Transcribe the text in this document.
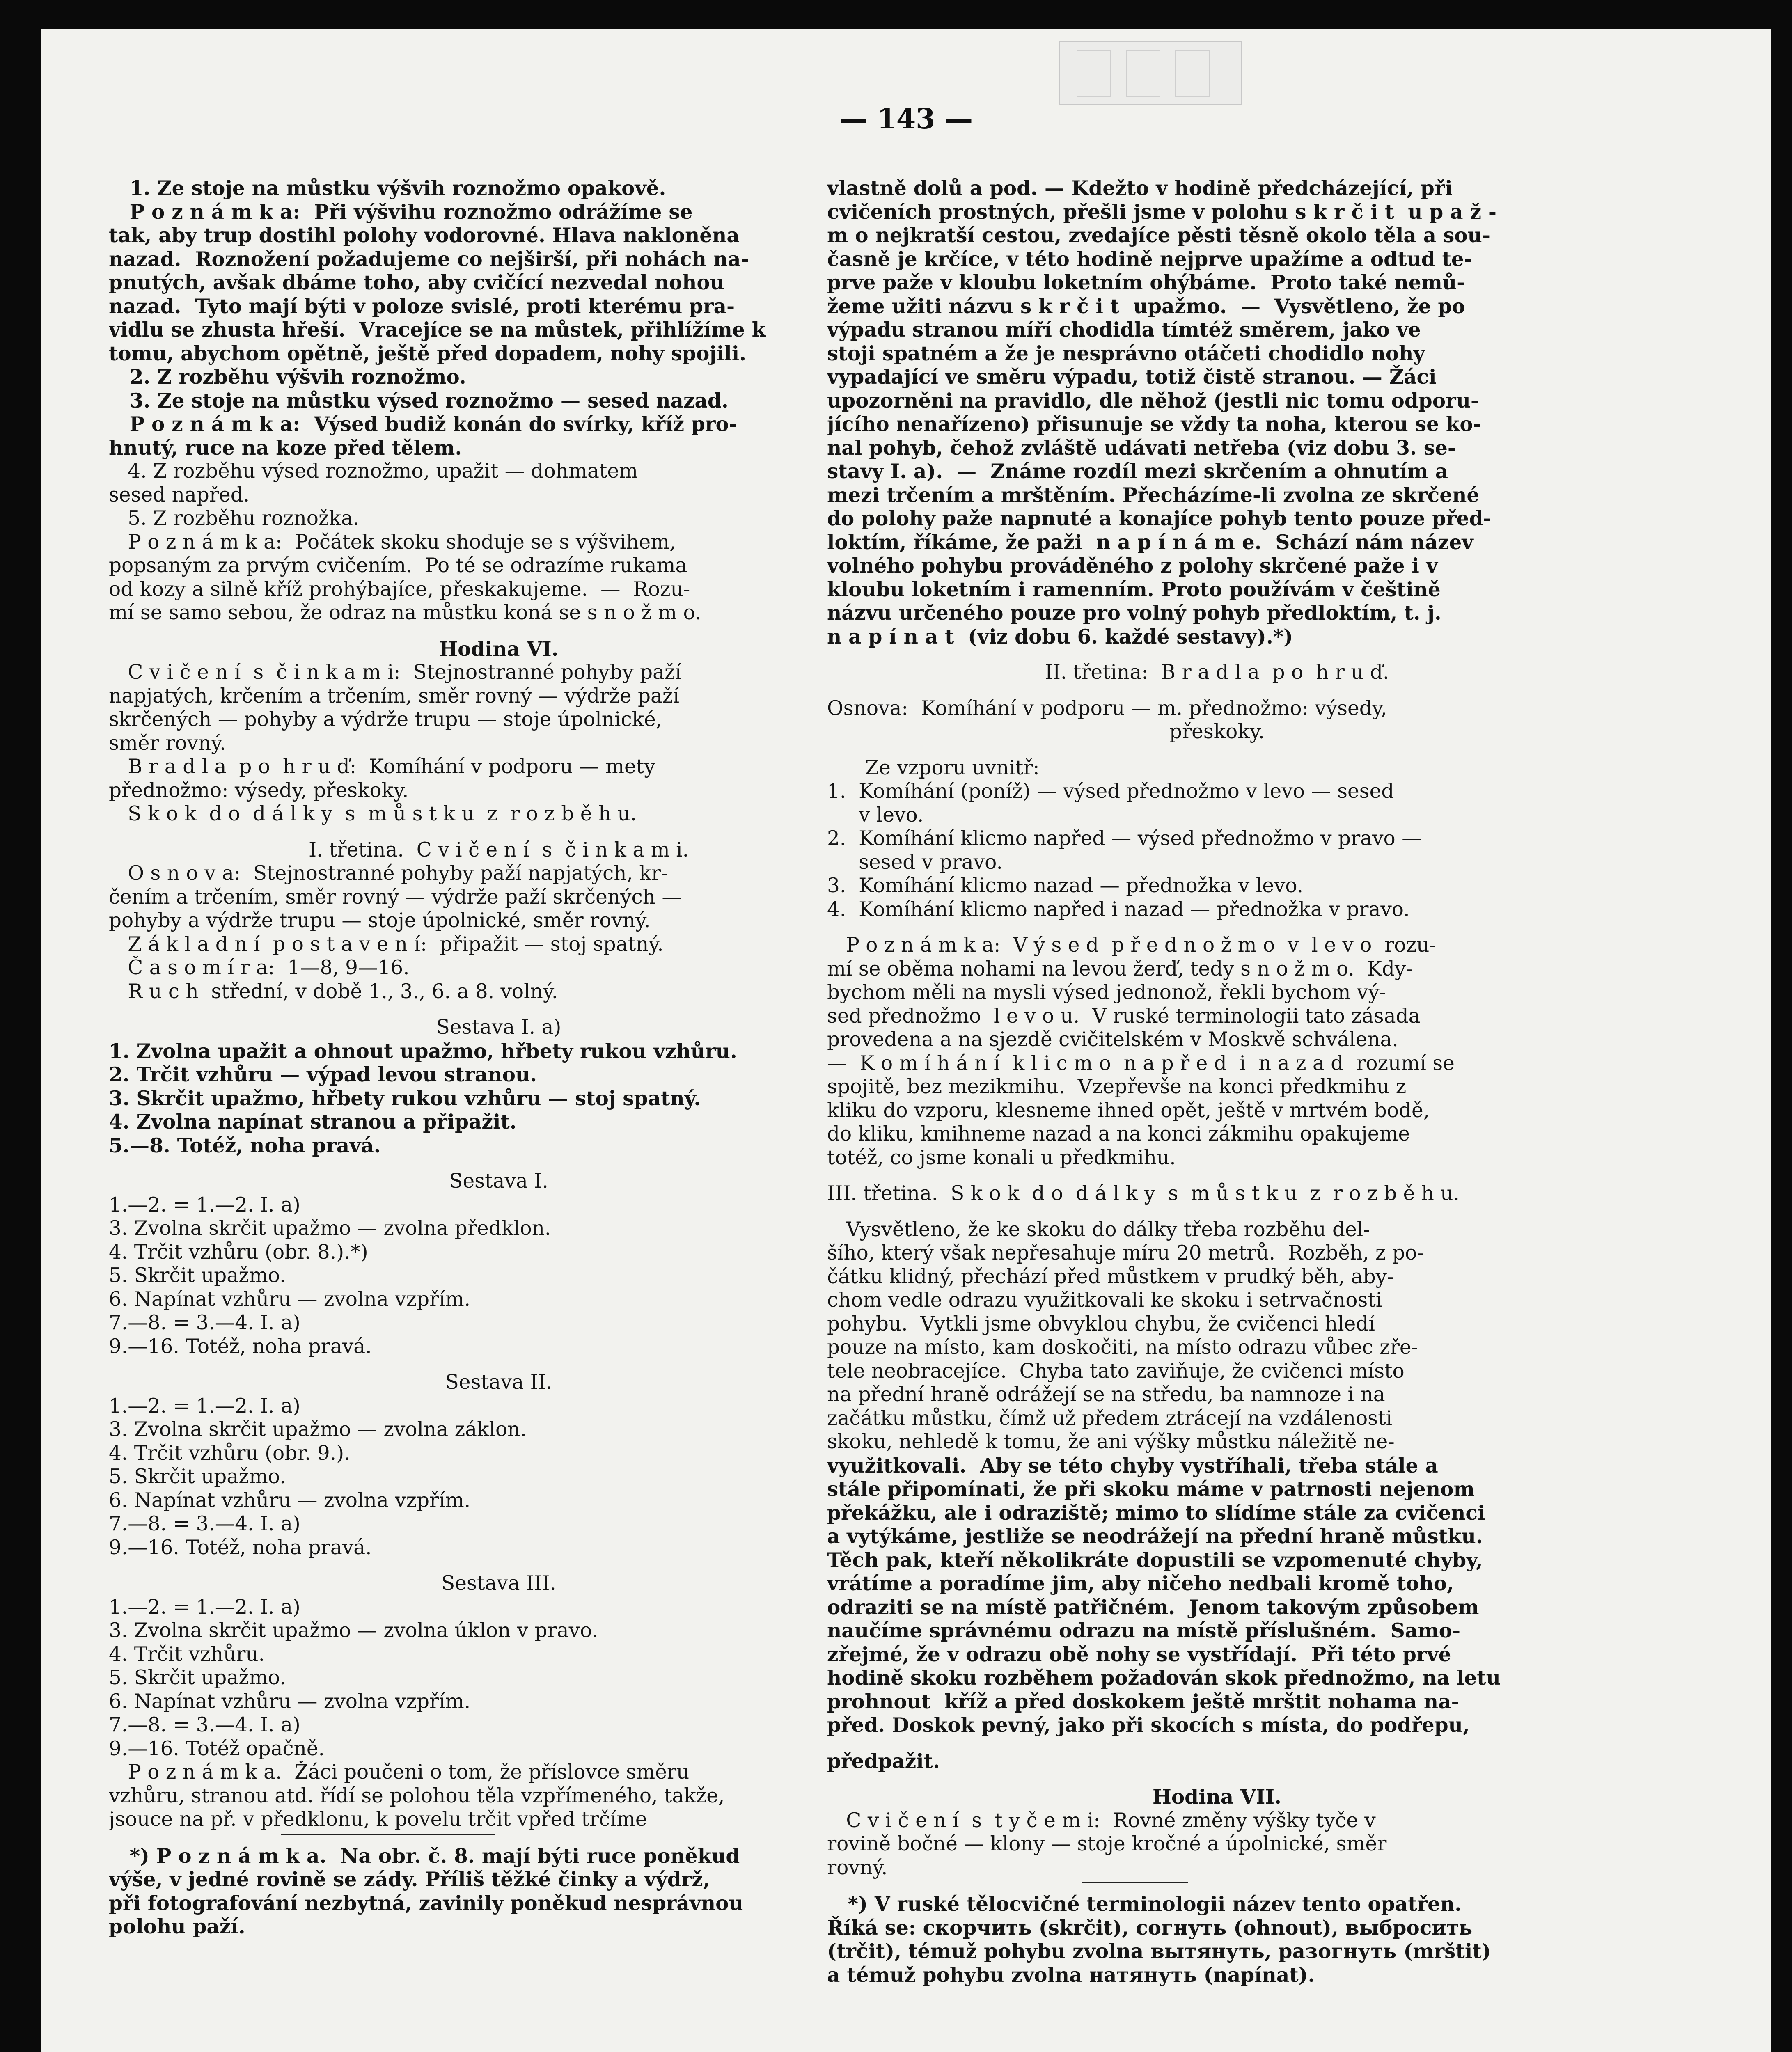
— 143 —
1. Ze stoje na můstku výšvih roznožmo opakově.
P o z n á m k a:  Při výšvihu roznožmo odrážíme se
tak, aby trup dostihl polohy vodorovné. Hlava nakloněna
nazad.  Roznožení požadujeme co nejširší, při nohách na-
pnutých, avšak dbáme toho, aby cvičící nezvedal nohou
nazad.  Tyto mají býti v poloze svislé, proti kterému pra-
vidlu se zhusta hřeší.  Vracejíce se na můstek, přihlížíme k
tomu, abychom opětně, ještě před dopadem, nohy spojili.
2. Z rozběhu výšvih roznožmo.
3. Ze stoje na můstku výsed roznožmo — sesed nazad.
P o z n á m k a:  Výsed budiž konán do svírky, kříž pro-
hnutý, ruce na koze před tělem.
4. Z rozběhu výsed roznožmo, upažit — dohmatem
sesed napřed.
5. Z rozběhu roznožka.
P o z n á m k a:  Počátek skoku shoduje se s výšvihem,
popsaným za prvým cvičením.  Po té se odrazíme rukama
od kozy a silně kříž prohýbajíce, přeskakujeme.  —  Rozu-
mí se samo sebou, že odraz na můstku koná se s n o ž m o.
Hodina VI.
C v i č e n í  s  č i n k a m i:  Stejnostranné pohyby paží
napjatých, krčením a trčením, směr rovný — výdrže paží
skrčených — pohyby a výdrže trupu — stoje úpolnické,
směr rovný.
B r a d l a  p o  h r u ď:  Komíhání v podporu — mety
přednožmo: výsedy, přeskoky.
S k o k  d o  d á l k y  s  m ů s t k u  z  r o z b ě h u.
I. třetina.  C v i č e n í  s  č i n k a m i.
O s n o v a:  Stejnostranné pohyby paží napjatých, kr-
čením a trčením, směr rovný — výdrže paží skrčených —
pohyby a výdrže trupu — stoje úpolnické, směr rovný.
Z á k l a d n í  p o s t a v e n í:  připažit — stoj spatný.
Č a s o m í r a:  1—8, 9—16.
R u c h  střední, v době 1., 3., 6. a 8. volný.
Sestava I. a)
1. Zvolna upažit a ohnout upažmo, hřbety rukou vzhůru.
2. Trčit vzhůru — výpad levou stranou.
3. Skrčit upažmo, hřbety rukou vzhůru — stoj spatný.
4. Zvolna napínat stranou a připažit.
5.—8. Totéž, noha pravá.
Sestava I.
1.—2. = 1.—2. I. a)
3. Zvolna skrčit upažmo — zvolna předklon.
4. Trčit vzhůru (obr. 8.).*)
5. Skrčit upažmo.
6. Napínat vzhůru — zvolna vzpřím.
7.—8. = 3.—4. I. a)
9.—16. Totéž, noha pravá.
Sestava II.
1.—2. = 1.—2. I. a)
3. Zvolna skrčit upažmo — zvolna záklon.
4. Trčit vzhůru (obr. 9.).
5. Skrčit upažmo.
6. Napínat vzhůru — zvolna vzpřím.
7.—8. = 3.—4. I. a)
9.—16. Totéž, noha pravá.
Sestava III.
1.—2. = 1.—2. I. a)
3. Zvolna skrčit upažmo — zvolna úklon v pravo.
4. Trčit vzhůru.
5. Skrčit upažmo.
6. Napínat vzhůru — zvolna vzpřím.
7.—8. = 3.—4. I. a)
9.—16. Totéž opačně.
P o z n á m k a.  Žáci poučeni o tom, že příslovce směru
vzhůru, stranou atd. řídí se polohou těla vzpřímeného, takže,
jsouce na př. v předklonu, k povelu trčit vpřed trčíme
*) P o z n á m k a.  Na obr. č. 8. mají býti ruce poněkud
výše, v jedné rovině se zády. Příliš těžké činky a výdrž,
při fotografování nezbytná, zavinily poněkud nesprávnou
polohu paží.
vlastně dolů a pod. — Kdežto v hodině předcházející, při
cvičeních prostných, přešli jsme v polohu s k r č i t  u p a ž -
m o nejkratší cestou, zvedajíce pěsti těsně okolo těla a sou-
časně je krčíce, v této hodině nejprve upažíme a odtud te-
prve paže v kloubu loketním ohýbáme.  Proto také nemů-
žeme užiti názvu s k r č i t  upažmo.  —  Vysvětleno, že po
výpadu stranou míří chodidla tímtéž směrem, jako ve
stoji spatném a že je nesprávno otáčeti chodidlo nohy
vypadající ve směru výpadu, totiž čistě stranou. — Žáci
upozorněni na pravidlo, dle něhož (jestli nic tomu odporu-
jícího nenařízeno) přisunuje se vždy ta noha, kterou se ko-
nal pohyb, čehož zvláště udávati netřeba (viz dobu 3. se-
stavy I. a).  —  Známe rozdíl mezi skrčením a ohnutím a
mezi trčením a mrštěním. Přecházíme-li zvolna ze skrčené
do polohy paže napnuté a konajíce pohyb tento pouze před-
loktím, říkáme, že paži  n a p í n á m e.  Schází nám název
volného pohybu prováděného z polohy skrčené paže i v
kloubu loketním i ramenním. Proto používám v češtině
názvu určeného pouze pro volný pohyb předloktím, t. j.
n a p í n a t  (viz dobu 6. každé sestavy).*)
II. třetina:  B r a d l a  p o  h r u ď.
Osnova:  Komíhání v podporu — m. přednožmo: výsedy,
přeskoky.
Ze vzporu uvnitř:
1.  Komíhání (poníž) — výsed přednožmo v levo — sesed
v levo.
2.  Komíhání klicmo napřed — výsed přednožmo v pravo —
sesed v pravo.
3.  Komíhání klicmo nazad — přednožka v levo.
4.  Komíhání klicmo napřed i nazad — přednožka v pravo.
P o z n á m k a:  V ý s e d  p ř e d n o ž m o  v  l e v o  rozu-
mí se oběma nohami na levou žerď, tedy s n o ž m o.  Kdy-
bychom měli na mysli výsed jednonož, řekli bychom vý-
sed přednožmo  l e v o u.  V ruské terminologii tato zásada
provedena a na sjezdě cvičitelském v Moskvě schválena.
—  K o m í h á n í  k l i c m o  n a p ř e d  i  n a z a d  rozumí se
spojitě, bez mezikmihu.  Vzepřevše na konci předkmihu z
kliku do vzporu, klesneme ihned opět, ještě v mrtvém bodě,
do kliku, kmihneme nazad a na konci zákmihu opakujeme
totéž, co jsme konali u předkmihu.
III. třetina.  S k o k  d o  d á l k y  s  m ů s t k u  z  r o z b ě h u.
Vysvětleno, že ke skoku do dálky třeba rozběhu del-
šího, který však nepřesahuje míru 20 metrů.  Rozběh, z po-
čátku klidný, přechází před můstkem v prudký běh, aby-
chom vedle odrazu využitkovali ke skoku i setrvačnosti
pohybu.  Vytkli jsme obvyklou chybu, že cvičenci hledí
pouze na místo, kam doskočiti, na místo odrazu vůbec zře-
tele neobracejíce.  Chyba tato zaviňuje, že cvičenci místo
na přední hraně odrážejí se na středu, ba namnoze i na
začátku můstku, čímž už předem ztrácejí na vzdálenosti
skoku, nehledě k tomu, že ani výšky můstku náležitě ne-
využitkovali.  Aby se této chyby vystříhali, třeba stále a
stále připomínati, že při skoku máme v patrnosti nejenom
překážku, ale i odraziště; mimo to slídíme stále za cvičenci
a vytýkáme, jestliže se neodrážejí na přední hraně můstku.
Těch pak, kteří několikráte dopustili se vzpomenuté chyby,
vrátíme a poradíme jim, aby ničeho nedbali kromě toho,
odraziti se na místě patřičném.  Jenom takovým způsobem
naučíme správnému odrazu na místě příslušném.  Samo-
zřejmé, že v odrazu obě nohy se vystřídají.  Při této prvé
hodině skoku rozběhem požadován skok přednožmo, na letu
prohnout  kříž a před doskokem ještě mrštit nohama na-
před. Doskok pevný, jako při skocích s místa, do podřepu,
předpažit.
Hodina VII.
C v i č e n í  s  t y č e m i:  Rovné změny výšky tyče v
rovině bočné — klony — stoje kročné a úpolnické, směr
rovný.
*) V ruské tělocvičné terminologii název tento opatřen.
Říká se: скорчить (skrčit), согнуть (ohnout), выбросить
(trčit), témuž pohybu zvolna вытянуть, разогнуть (mrštit)
a témuž pohybu zvolna натянуть (napínat).
